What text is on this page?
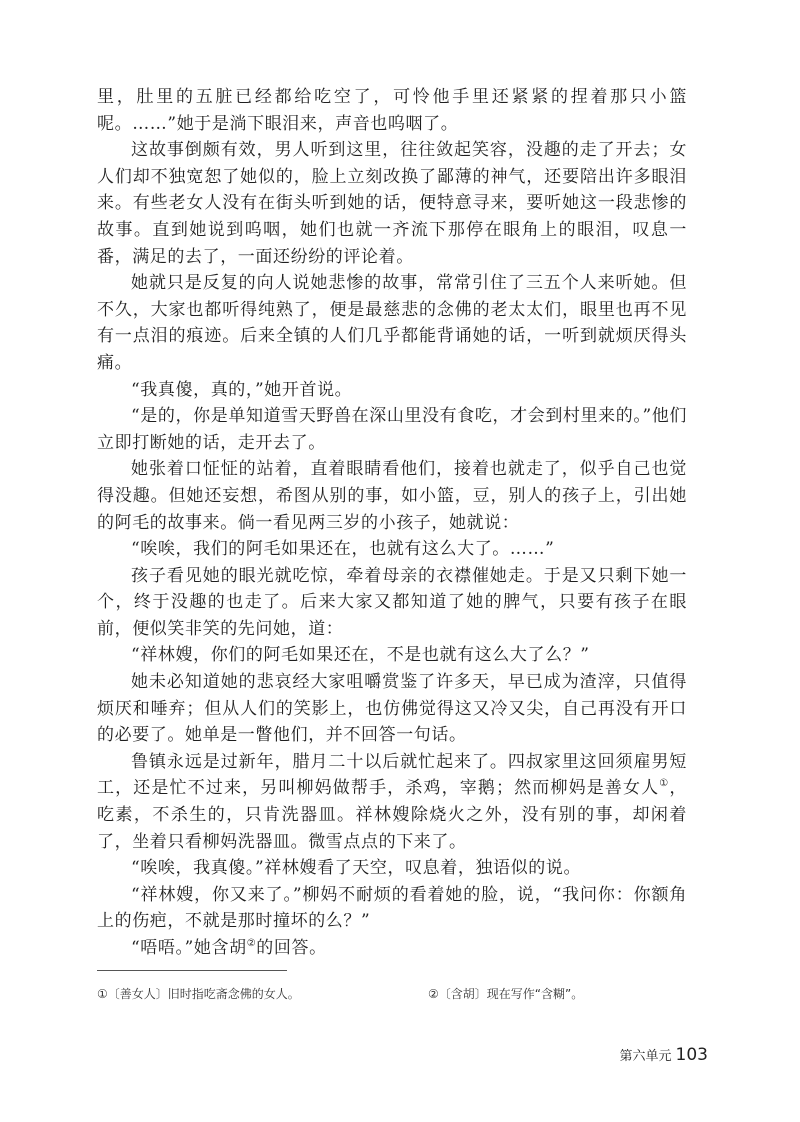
里，肚里的五脏已经都给吃空了，可怜他手里还紧紧的捏着那只小篮呢。……”她于是淌下眼泪来，声音也呜咽了。

这故事倒颇有效，男人听到这里，往往敛起笑容，没趣的走了开去；女人们却不独宽恕了她似的，脸上立刻改换了鄙薄的神气，还要陪出许多眼泪来。有些老女人没有在街头听到她的话，便特意寻来，要听她这一段悲惨的故事。直到她说到呜咽，她们也就一齐流下那停在眼角上的眼泪，叹息一番，满足的去了，一面还纷纷的评论着。

她就只是反复的向人说她悲惨的故事，常常引住了三五个人来听她。但不久，大家也都听得纯熟了，便是最慈悲的念佛的老太太们，眼里也再不见有一点泪的痕迹。后来全镇的人们几乎都能背诵她的话，一听到就烦厌得头痛。

“我真傻，真的，”她开首说。

“是的，你是单知道雪天野兽在深山里没有食吃，才会到村里来的。”他们立即打断她的话，走开去了。

她张着口怔怔的站着，直着眼睛看他们，接着也就走了，似乎自己也觉得没趣。但她还妄想，希图从别的事，如小篮，豆，别人的孩子上，引出她的阿毛的故事来。倘一看见两三岁的小孩子，她就说：

“唉唉，我们的阿毛如果还在，也就有这么大了。……”

孩子看见她的眼光就吃惊，牵着母亲的衣襟催她走。于是又只剩下她一个，终于没趣的也走了。后来大家又都知道了她的脾气，只要有孩子在眼前，便似笑非笑的先问她，道：

“祥林嫂，你们的阿毛如果还在，不是也就有这么大了么？”

她未必知道她的悲哀经大家咀嚼赏鉴了许多天，早已成为渣滓，只值得烦厌和唾弃；但从人们的笑影上，也仿佛觉得这又冷又尖，自己再没有开口的必要了。她单是一瞥他们，并不回答一句话。

鲁镇永远是过新年，腊月二十以后就忙起来了。四叔家里这回须雇男短工，还是忙不过来，另叫柳妈做帮手，杀鸡，宰鹅；然而柳妈是善女人①，吃素，不杀生的，只肯洗器皿。祥林嫂除烧火之外，没有别的事，却闲着了，坐着只看柳妈洗器皿。微雪点点的下来了。

“唉唉，我真傻。”祥林嫂看了天空，叹息着，独语似的说。

“祥林嫂，你又来了。”柳妈不耐烦的看着她的脸，说，“我问你：你额角上的伤疤，不就是那时撞坏的么？”

“唔唔。”她含胡②的回答。

①〔善女人〕旧时指吃斋念佛的女人。	②〔含胡〕现在写作“含糊”。
第六单元 103
